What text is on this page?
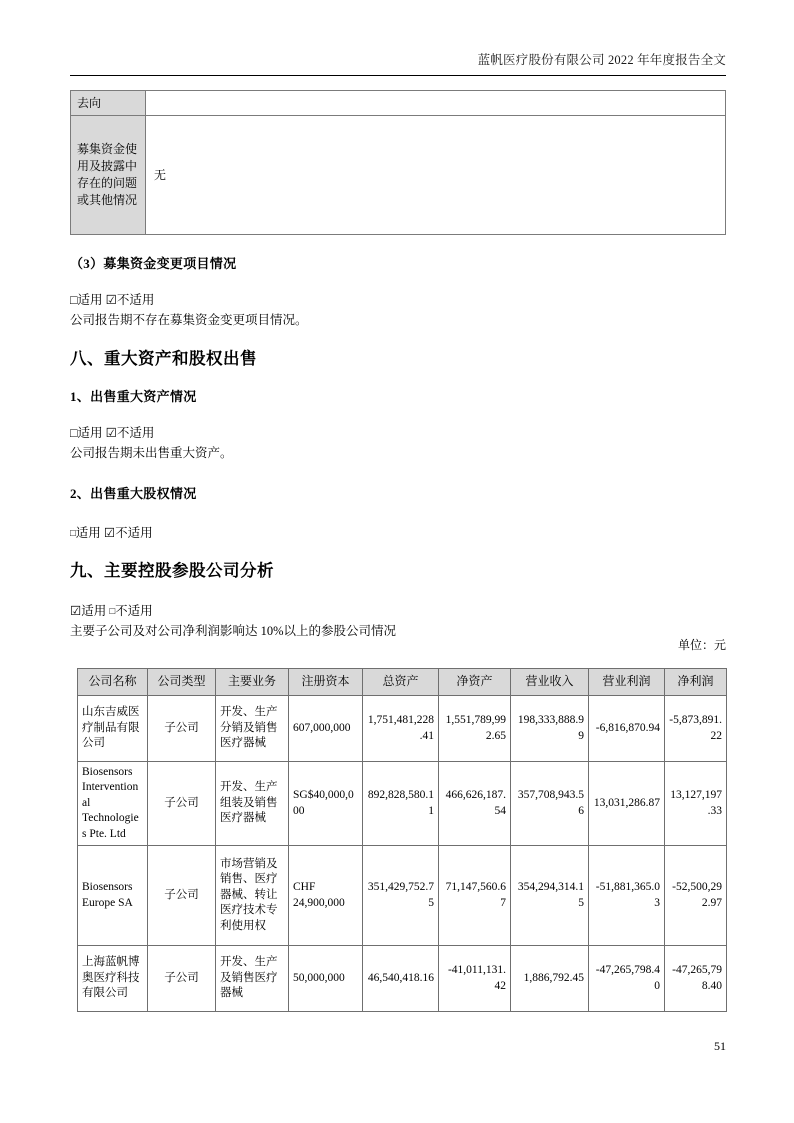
蓝帆医疗股份有限公司 2022 年年度报告全文
去向	
募集资金使用及披露中存在的问题或其他情况	无
（3）募集资金变更项目情况
□适用 ☑不适用
公司报告期不存在募集资金变更项目情况。
八、重大资产和股权出售
1、出售重大资产情况
□适用 ☑不适用
公司报告期未出售重大资产。
2、出售重大股权情况
□适用 ☑不适用
九、主要控股参股公司分析
☑适用 □不适用
主要子公司及对公司净利润影响达 10%以上的参股公司情况
单位：元
公司名称	公司类型	主要业务	注册资本	总资产	净资产	营业收入	营业利润	净利润
山东吉威医疗制品有限公司	子公司	开发、生产分销及销售医疗器械	607,000,000	1,751,481,228.41	1,551,789,992.65	198,333,888.99	-6,816,870.94	-5,873,891.22
Biosensors Interventional Technologies Pte. Ltd	子公司	开发、生产组装及销售医疗器械	SG$40,000,000	892,828,580.11	466,626,187.54	357,708,943.56	13,031,286.87	13,127,197.33
Biosensors Europe SA	子公司	市场营销及销售、医疗器械、转让医疗技术专利使用权	CHF 24,900,000	351,429,752.75	71,147,560.67	354,294,314.15	-51,881,365.03	-52,500,292.97
上海蓝帆博奥医疗科技有限公司	子公司	开发、生产及销售医疗器械	50,000,000	46,540,418.16	-41,011,131.42	1,886,792.45	-47,265,798.40	-47,265,798.40
51
